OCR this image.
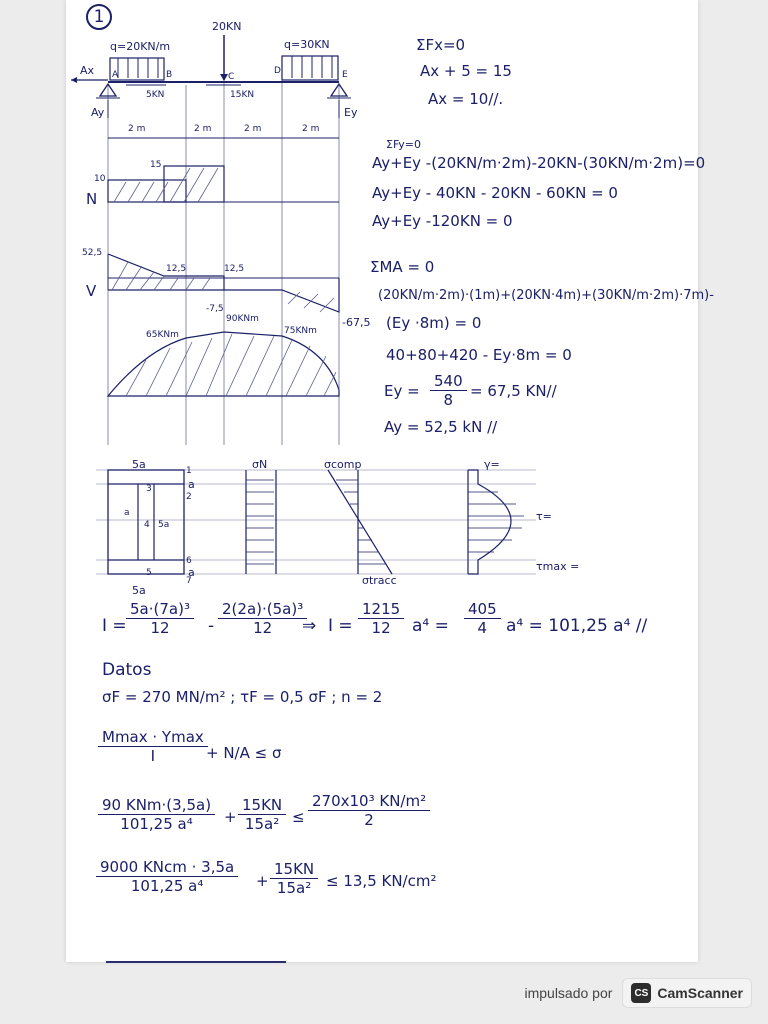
1	20KN
q=20KN/m	q=30KN
Ax
Ay	Ey
5KN	15KN
A	B	C
D	E
2 m	2 m	2 m	2 m
N
V
10
15
52,5
12,5	12,5
-7,5
-67,5
65KNm
90KNm
75KNm
ΣFx=0
Ax + 5 = 15
Ax = 10//.
ΣFy=0
Ay+Ey -(20KN/m·2m)-20KN-(30KN/m·2m)=0
Ay+Ey - 40KN - 20KN - 60KN = 0
Ay+Ey -120KN = 0
ΣMA = 0
(20KN/m·2m)·(1m)+(20KN·4m)+(30KN/m·2m)·7m)-
(Ey ·8m) = 0
40+80+420 - Ey·8m = 0
Ey =
540
8	= 67,5 KN//
Ay = 52,5 kN //
5a
5a
a
a
a
4 5a
1
2
3
6
5
7
σN	σcomp
σtracc
γ=
τ=
τmax =
I =
5a·(7a)³
12	-
2(2a)·(5a)³
12	⇒ I =
1215
12	a⁴ =
405
4	a⁴ = 101,25 a⁴ //
Datos
σF = 270 MN/m² ; τF = 0,5 σF ; n = 2
Mmax · Ymax
I	+ N/A ≤ σ
90 KNm·(3,5a)
101,25 a⁴	+
15KN
15a² ≤
270x10³ KN/m²
2
9000 KNcm · 3,5a
101,25 a⁴	+
15KN
15a² ≤ 13,5 KN/cm²
impulsado por	CS CamScanner
